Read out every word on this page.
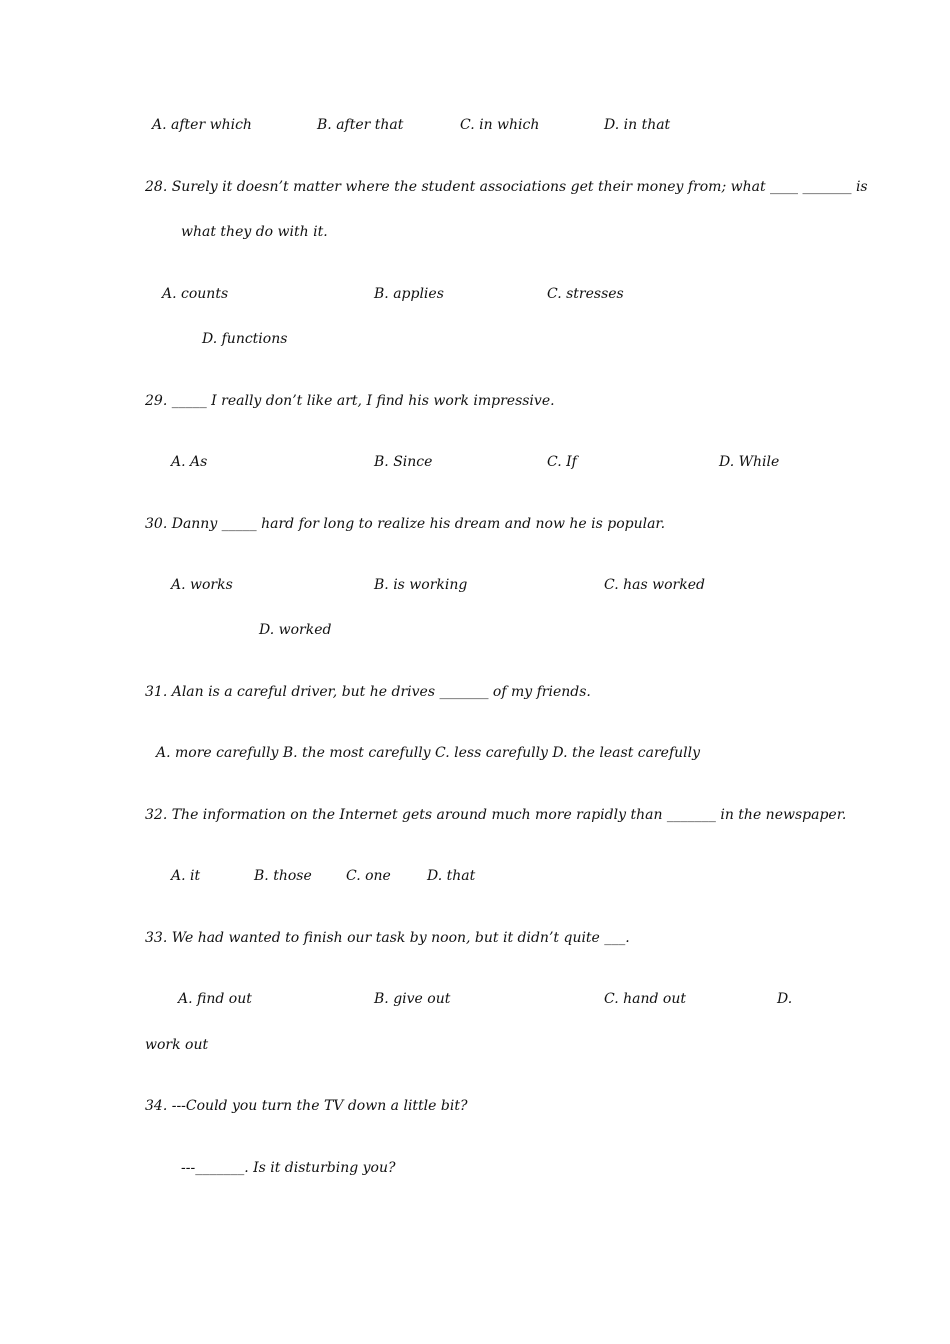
A. after which	B. after that	C. in which	D. in that
28. Surely it doesn’t matter where the student associations get their money from; what ____ _______ is
what they do with it.
A. counts	B. applies	C. stresses
D. functions
29. _____ I really don’t like art, I find his work impressive.
A. As	B. Since	C. If	D. While
30. Danny _____ hard for long to realize his dream and now he is popular.
A. works	B. is working	C. has worked
D. worked
31. Alan is a careful driver, but he drives _______ of my friends.
A. more carefully B. the most carefully C. less carefully D. the least carefully
32. The information on the Internet gets around much more rapidly than _______ in the newspaper.
A. it	B. those C. one	D. that
33. We had wanted to finish our task by noon, but it didn’t quite ___.
A. find out	B. give out	C. hand out	D.
work out
34. ---Could you turn the TV down a little bit?
---_______. Is it disturbing you?
